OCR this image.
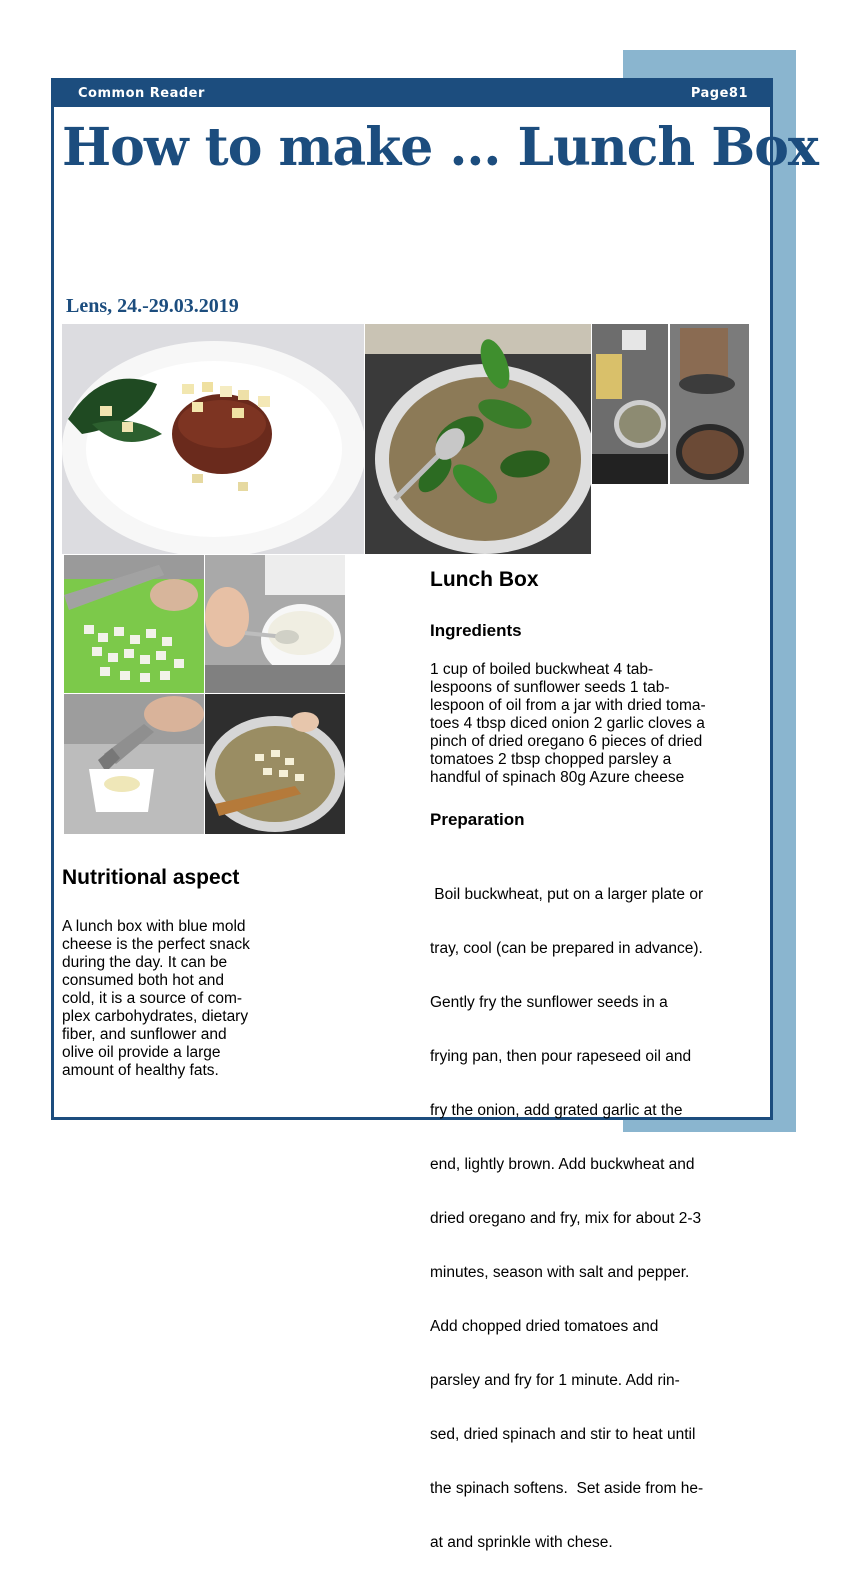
Common Reader	Page81
How to make … Lunch Box
Lens, 24.-29.03.2019
Lunch Box
Ingredients
1 cup of boiled buckwheat 4 tab-
lespoons of sunflower seeds 1 tab-
lespoon of oil from a jar with dried toma-
toes 4 tbsp diced onion 2 garlic cloves a
pinch of dried oregano 6 pieces of dried
tomatoes 2 tbsp chopped parsley a
handful of spinach 80g Azure cheese
Preparation

Boil buckwheat, put on a larger plate or

tray, cool (can be prepared in advance).

Gently fry the sunflower seeds in a

frying pan, then pour rapeseed oil and

fry the onion, add grated garlic at the

end, lightly brown. Add buckwheat and

dried oregano and fry, mix for about 2-3

minutes, season with salt and pepper.

Add chopped dried tomatoes and

parsley and fry for 1 minute. Add rin-

sed, dried spinach and stir to heat until

the spinach softens.  Set aside from he-

at and sprinkle with chese.

Nutritional aspect
A lunch box with blue mold
cheese is the perfect snack
during the day. It can be
consumed both hot and
cold, it is a source of com-
plex carbohydrates, dietary
fiber, and sunflower and
olive oil provide a large
amount of healthy fats.
